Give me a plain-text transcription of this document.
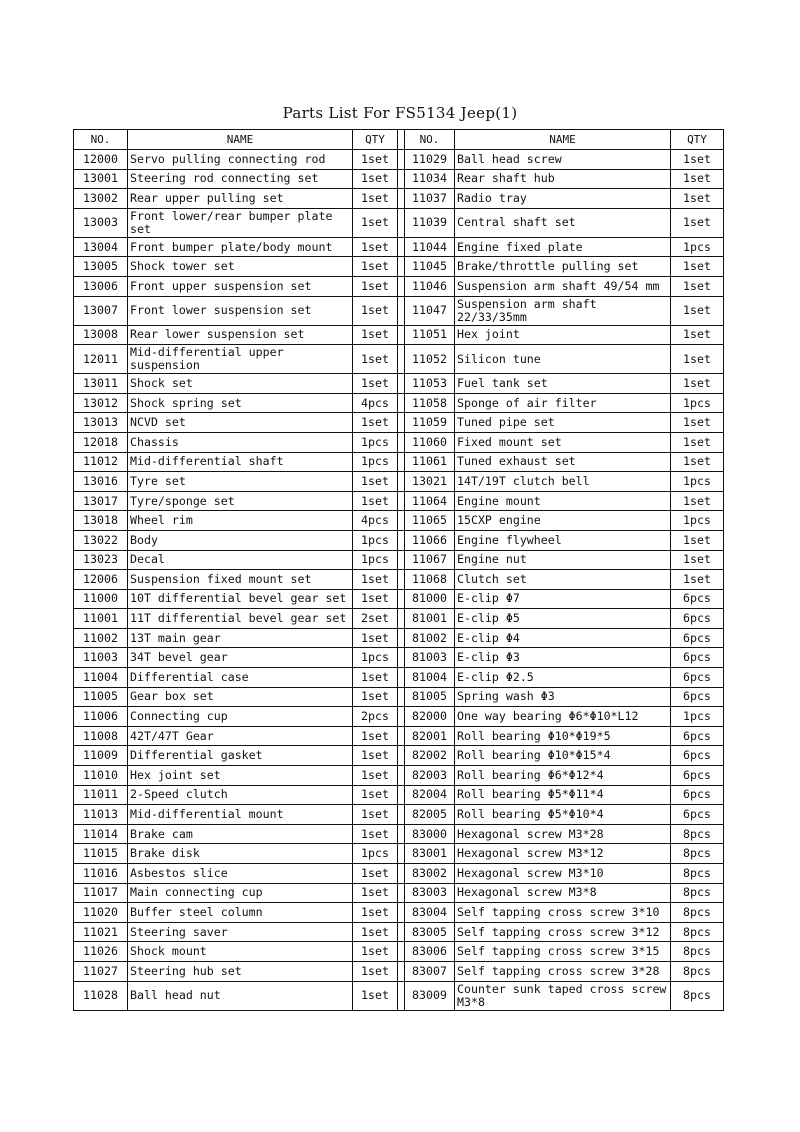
Parts List For FS5134 Jeep(1)
NO.	NAME	QTY		NO.	NAME	QTY
12000	Servo pulling connecting rod	1set		11029	Ball head screw	1set
13001	Steering rod connecting set	1set		11034	Rear shaft hub	1set
13002	Rear upper pulling set	1set		11037	Radio tray	1set
13003	Front lower/rear bumper plate set	1set		11039	Central shaft set	1set
13004	Front bumper plate/body mount	1set		11044	Engine fixed plate	1pcs
13005	Shock tower set	1set		11045	Brake/throttle pulling set	1set
13006	Front upper suspension set	1set		11046	Suspension arm shaft 49/54 mm	1set
13007	Front lower suspension set	1set		11047	Suspension arm shaft 22/33/35mm	1set
13008	Rear lower suspension set	1set		11051	Hex joint	1set
12011	Mid-differential upper suspension	1set		11052	Silicon tune	1set
13011	Shock set	1set		11053	Fuel tank set	1set
13012	Shock spring set	4pcs		11058	Sponge of air filter	1pcs
13013	NCVD set	1set		11059	Tuned pipe set	1set
12018	Chassis	1pcs		11060	Fixed mount set	1set
11012	Mid-differential shaft	1pcs		11061	Tuned exhaust set	1set
13016	Tyre set	1set		13021	14T/19T clutch bell	1pcs
13017	Tyre/sponge set	1set		11064	Engine mount	1set
13018	Wheel rim	4pcs		11065	15CXP engine	1pcs
13022	Body	1pcs		11066	Engine flywheel	1set
13023	Decal	1pcs		11067	Engine nut	1set
12006	Suspension fixed mount set	1set		11068	Clutch set	1set
11000	10T differential bevel gear set	1set		81000	E-clip Φ7	6pcs
11001	11T differential bevel gear set	2set		81001	E-clip Φ5	6pcs
11002	13T main gear	1set		81002	E-clip Φ4	6pcs
11003	34T bevel gear	1pcs		81003	E-clip Φ3	6pcs
11004	Differential case	1set		81004	E-clip Φ2.5	6pcs
11005	Gear box set	1set		81005	Spring wash Φ3	6pcs
11006	Connecting cup	2pcs		82000	One way bearing Φ6*Φ10*L12	1pcs
11008	42T/47T Gear	1set		82001	Roll bearing Φ10*Φ19*5	6pcs
11009	Differential gasket	1set		82002	Roll bearing Φ10*Φ15*4	6pcs
11010	Hex joint set	1set		82003	Roll bearing Φ6*Φ12*4	6pcs
11011	2-Speed clutch	1set		82004	Roll bearing Φ5*Φ11*4	6pcs
11013	Mid-differential mount	1set		82005	Roll bearing Φ5*Φ10*4	6pcs
11014	Brake cam	1set		83000	Hexagonal screw M3*28	8pcs
11015	Brake disk	1pcs		83001	Hexagonal screw M3*12	8pcs
11016	Asbestos slice	1set		83002	Hexagonal screw M3*10	8pcs
11017	Main connecting cup	1set		83003	Hexagonal screw M3*8	8pcs
11020	Buffer steel column	1set		83004	Self tapping cross screw 3*10	8pcs
11021	Steering saver	1set		83005	Self tapping cross screw 3*12	8pcs
11026	Shock mount	1set		83006	Self tapping cross screw 3*15	8pcs
11027	Steering hub set	1set		83007	Self tapping cross screw 3*28	8pcs
11028	Ball head nut	1set		83009	Counter sunk taped cross screw M3*8	8pcs
